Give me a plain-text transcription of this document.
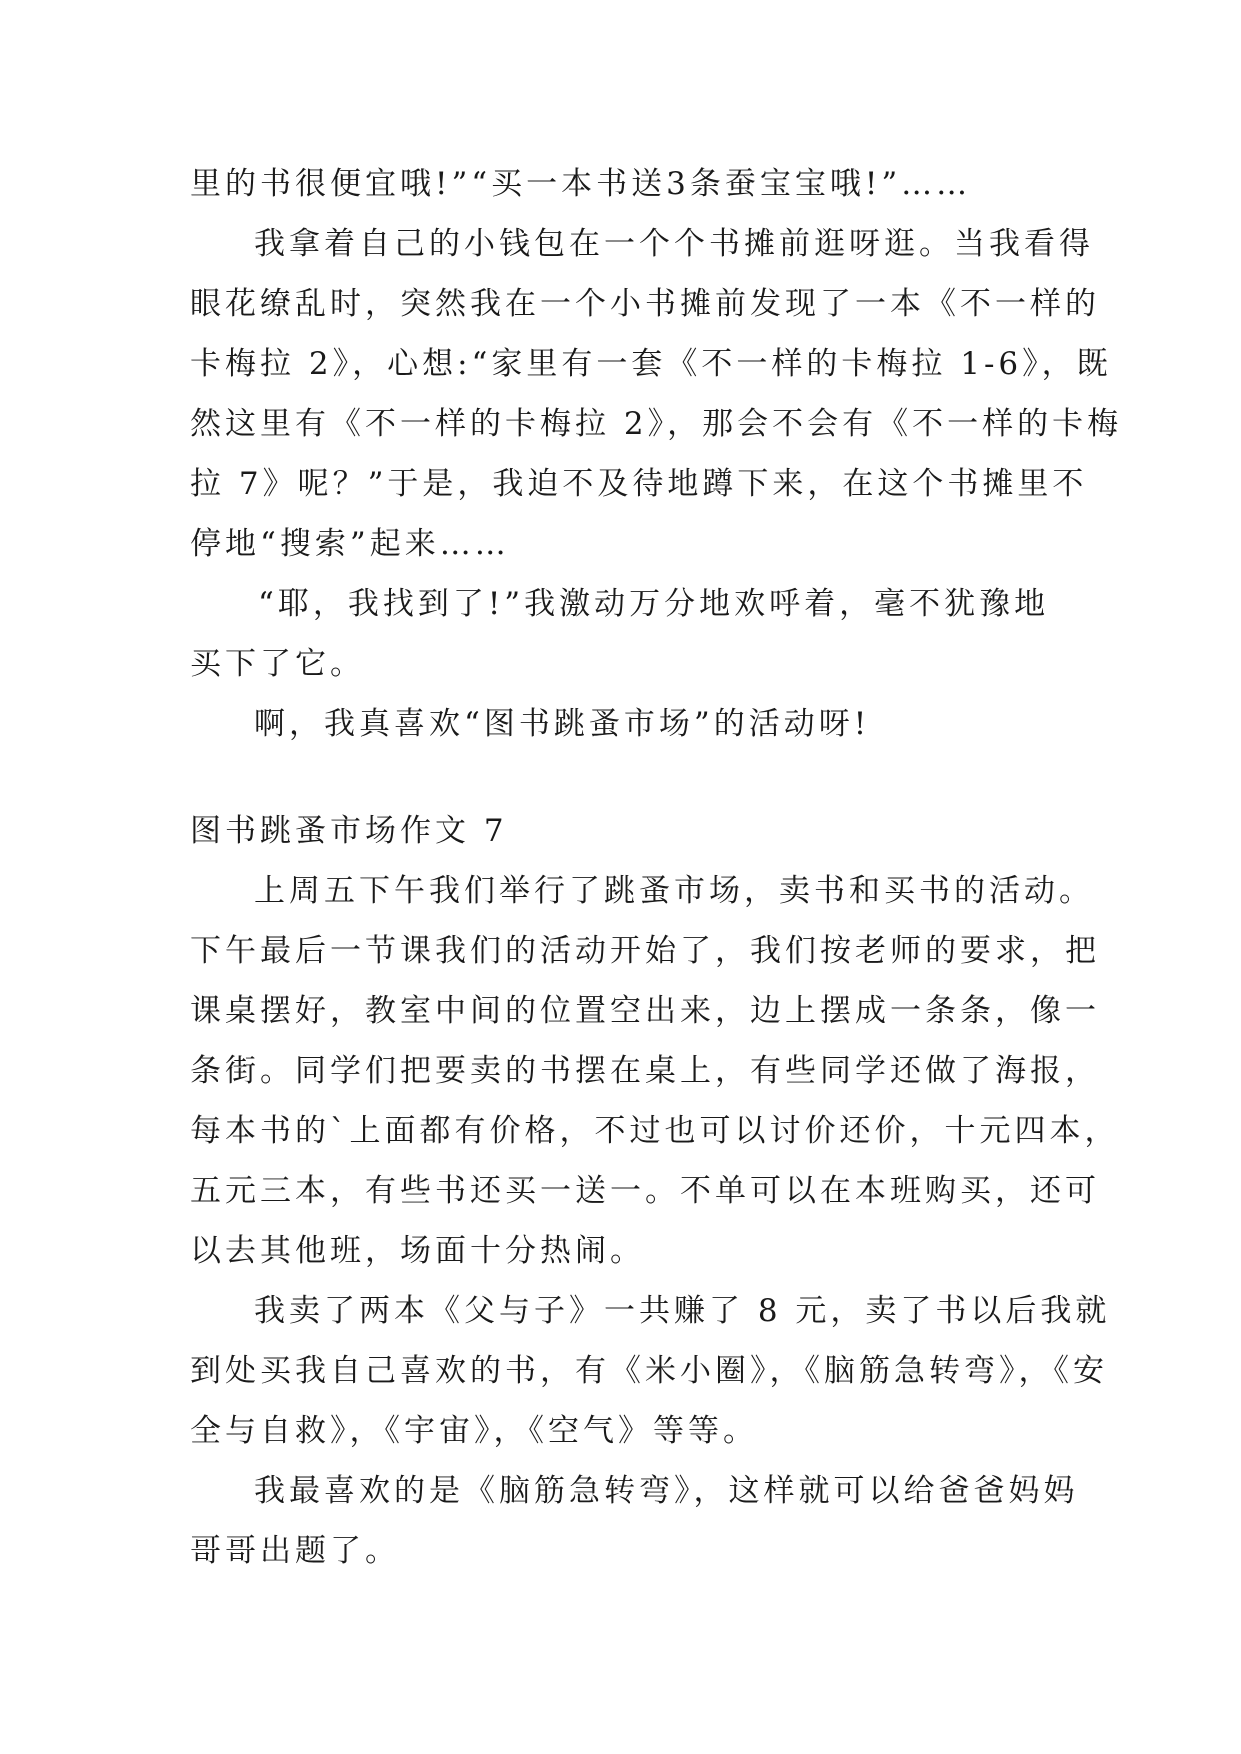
里的书很便宜哦!”“买一本书送3条蚕宝宝哦!”……
我拿着自己的小钱包在一个个书摊前逛呀逛。当我看得
眼花缭乱时，突然我在一个小书摊前发现了一本《不一样的
卡梅拉 2》，心想:“家里有一套《不一样的卡梅拉 1-6》，既
然这里有《不一样的卡梅拉 2》，那会不会有《不一样的卡梅
拉 7》呢？”于是，我迫不及待地蹲下来，在这个书摊里不
停地“搜索”起来……
“耶，我找到了!”我激动万分地欢呼着，毫不犹豫地
买下了它。
啊，我真喜欢“图书跳蚤市场”的活动呀!
图书跳蚤市场作文 7
上周五下午我们举行了跳蚤市场，卖书和买书的活动。
下午最后一节课我们的活动开始了，我们按老师的要求，把
课桌摆好，教室中间的位置空出来，边上摆成一条条，像一
条街。同学们把要卖的书摆在桌上，有些同学还做了海报，
每本书的`上面都有价格，不过也可以讨价还价，十元四本，
五元三本，有些书还买一送一。不单可以在本班购买，还可
以去其他班，场面十分热闹。
我卖了两本《父与子》一共赚了 8 元，卖了书以后我就
到处买我自己喜欢的书，有《米小圈》，《脑筋急转弯》，《安
全与自救》，《宇宙》，《空气》等等。
我最喜欢的是《脑筋急转弯》，这样就可以给爸爸妈妈
哥哥出题了。
